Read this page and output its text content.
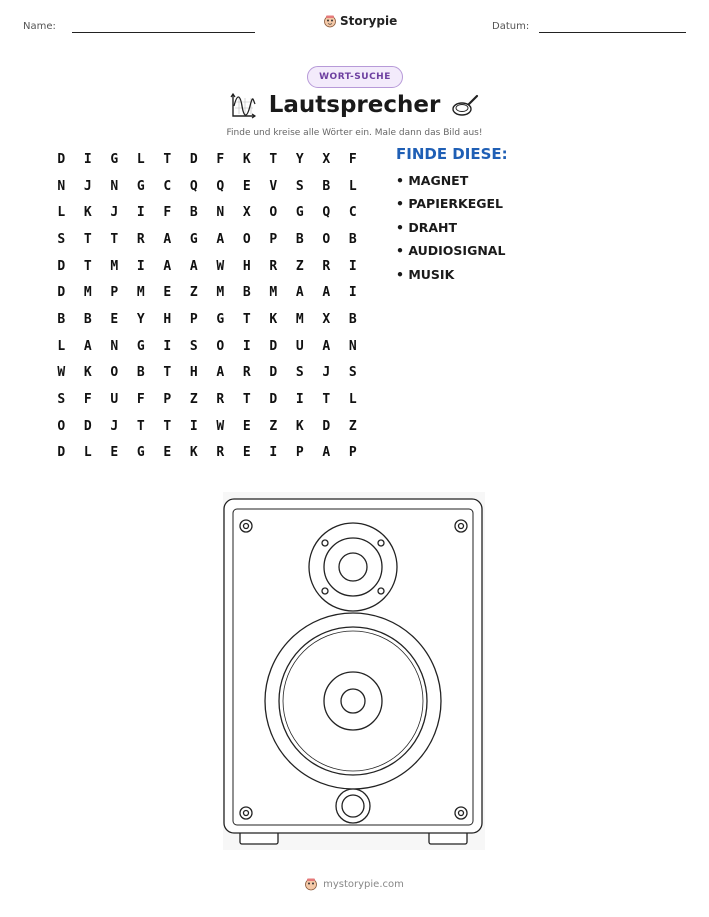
Name:	Storypie	Datum:
WORT-SUCHE
Lautsprecher
Finde und kreise alle Wörter ein. Male dann das Bild aus!
D	I	G	L	T	D	F	K	T	Y	X	F
N	J	N	G	C	Q	Q	E	V	S	B	L
L	K	J	I	F	B	N	X	O	G	Q	C
S	T	T	R	A	G	A	O	P	B	O	B
D	T	M	I	A	A	W	H	R	Z	R	I
D	M	P	M	E	Z	M	B	M	A	A	I
B	B	E	Y	H	P	G	T	K	M	X	B
L	A	N	G	I	S	O	I	D	U	A	N
W	K	O	B	T	H	A	R	D	S	J	S
S	F	U	F	P	Z	R	T	D	I	T	L
O	D	J	T	T	I	W	E	Z	K	D	Z
D	L	E	G	E	K	R	E	I	P	A	P
FINDE DIESE:
• MAGNET
• PAPIERKEGEL
• DRAHT
• AUDIOSIGNAL
• MUSIK
mystorypie.com
